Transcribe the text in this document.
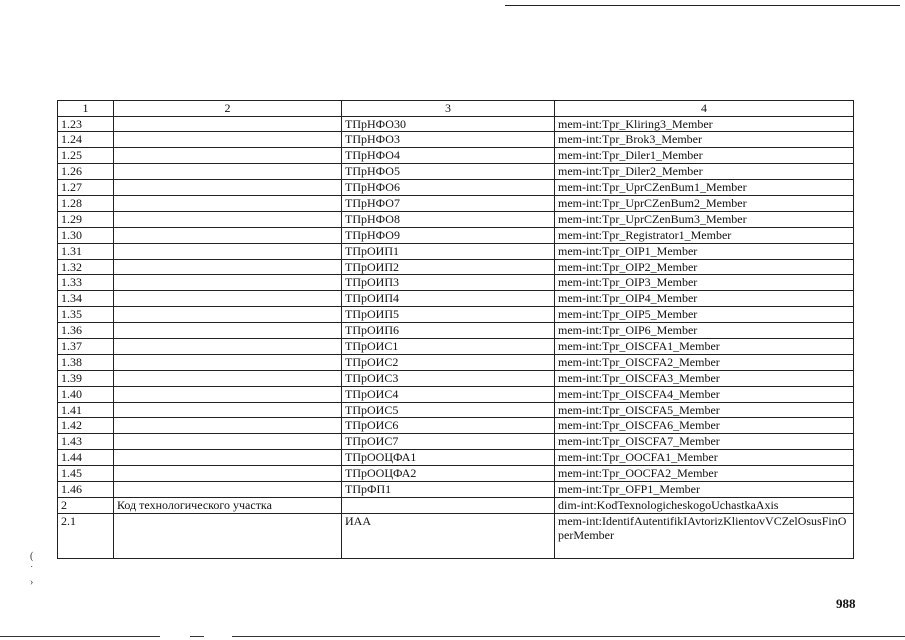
1	2	3	4
1.23		ТПрНФО30	mem-int:Tpr_Kliring3_Member
1.24		ТПрНФО3	mem-int:Tpr_Brok3_Member
1.25		ТПрНФО4	mem-int:Tpr_Diler1_Member
1.26		ТПрНФО5	mem-int:Tpr_Diler2_Member
1.27		ТПрНФО6	mem-int:Tpr_UprCZenBum1_Member
1.28		ТПрНФО7	mem-int:Tpr_UprCZenBum2_Member
1.29		ТПрНФО8	mem-int:Tpr_UprCZenBum3_Member
1.30		ТПрНФО9	mem-int:Tpr_Registrator1_Member
1.31		ТПрОИП1	mem-int:Tpr_OIP1_Member
1.32		ТПрОИП2	mem-int:Tpr_OIP2_Member
1.33		ТПрОИП3	mem-int:Tpr_OIP3_Member
1.34		ТПрОИП4	mem-int:Tpr_OIP4_Member
1.35		ТПрОИП5	mem-int:Tpr_OIP5_Member
1.36		ТПрОИП6	mem-int:Tpr_OIP6_Member
1.37		ТПрОИС1	mem-int:Tpr_OISCFA1_Member
1.38		ТПрОИС2	mem-int:Tpr_OISCFA2_Member
1.39		ТПрОИС3	mem-int:Tpr_OISCFA3_Member
1.40		ТПрОИС4	mem-int:Tpr_OISCFA4_Member
1.41		ТПрОИС5	mem-int:Tpr_OISCFA5_Member
1.42		ТПрОИС6	mem-int:Tpr_OISCFA6_Member
1.43		ТПрОИС7	mem-int:Tpr_OISCFA7_Member
1.44		ТПрООЦФА1	mem-int:Tpr_OOCFA1_Member
1.45		ТПрООЦФА2	mem-int:Tpr_OOCFA2_Member
1.46		ТПрФП1	mem-int:Tpr_OFP1_Member
2	Код технологического участка		dim-int:KodTexnologicheskogoUchastkaAxis
2.1		ИАА	mem-int:IdentifAutentifikIAvtorizKlientovVCZelOsusFinOperMember
988
(
˙
›
